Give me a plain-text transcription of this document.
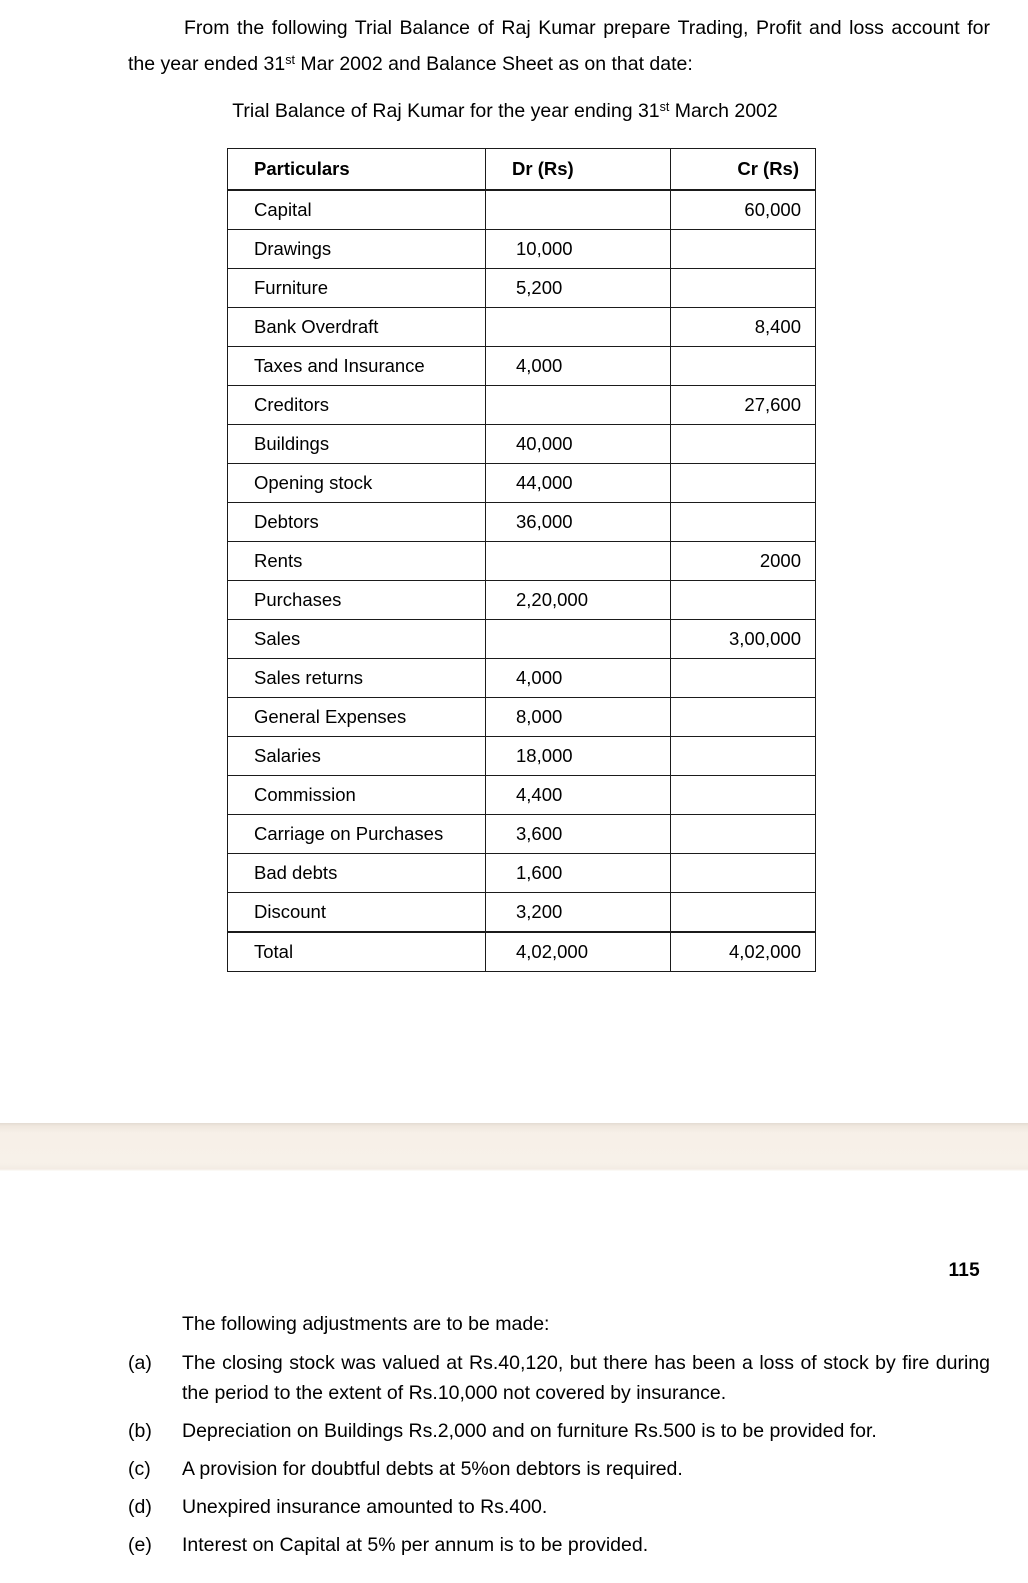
From the following Trial Balance of Raj Kumar prepare Trading, Profit and loss account for the year ended 31st Mar 2002 and Balance Sheet as on that date:
Trial Balance of Raj Kumar for the year ending 31st March 2002
Particulars	Dr (Rs)	Cr (Rs)
Capital		60,000
Drawings	10,000	
Furniture	5,200	
Bank Overdraft		8,400
Taxes and Insurance	4,000	
Creditors		27,600
Buildings	40,000	
Opening stock	44,000	
Debtors	36,000	
Rents		2000
Purchases	2,20,000	
Sales		3,00,000
Sales returns	4,000	
General Expenses	8,000	
Salaries	18,000	
Commission	4,400	
Carriage on Purchases	3,600	
Bad debts	1,600	
Discount	3,200	
Total	4,02,000	4,02,000
115
The following adjustments are to be made:
(a)	The closing stock was valued at Rs.40,120, but there has been a loss of stock by fire during the period to the extent of Rs.10,000 not covered by insurance.
(b)	Depreciation on Buildings Rs.2,000 and on furniture Rs.500 is to be provided for.
(c)	A provision for doubtful debts at 5%on debtors is required.
(d)	Unexpired insurance amounted to Rs.400.
(e)	Interest on Capital at 5% per annum is to be provided.
